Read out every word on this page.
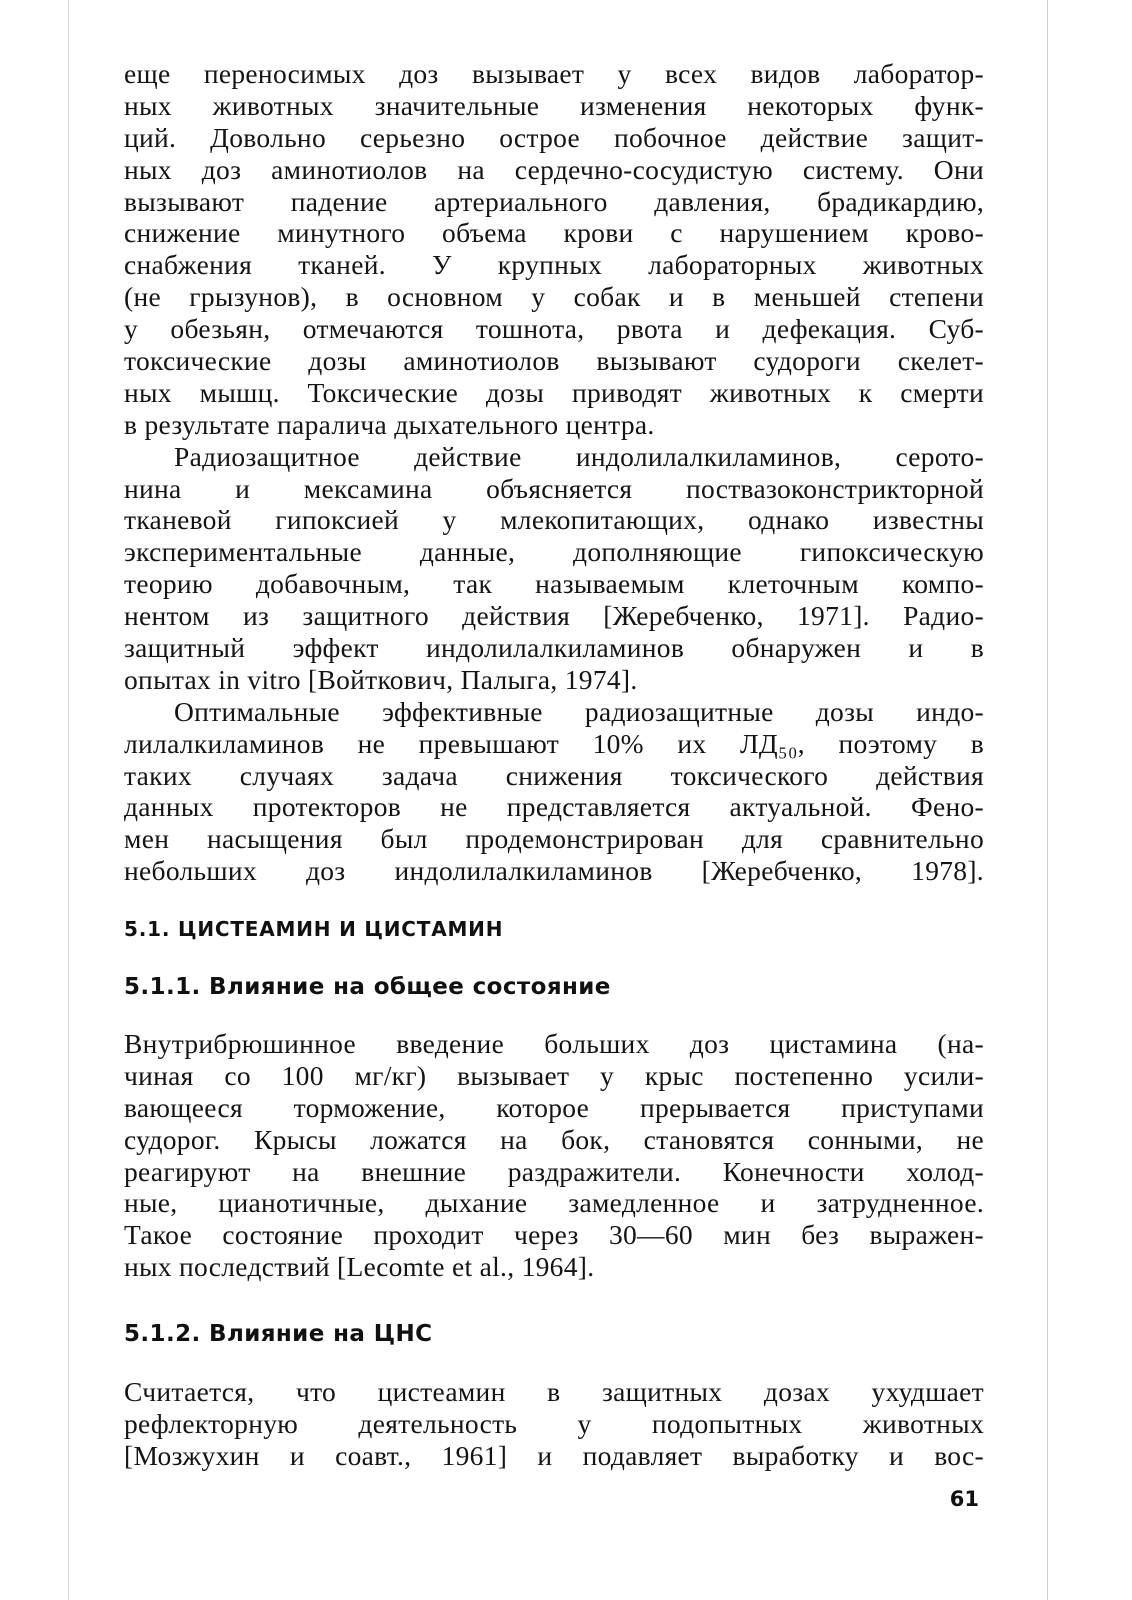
еще переносимых доз вызывает у всех видов лаборатор-
ных животных значительные изменения некоторых функ-
ций. Довольно серьезно острое побочное действие защит-
ных доз аминотиолов на сердечно-сосудистую систему. Они
вызывают падение артериального давления, брадикардию,
снижение минутного объема крови с нарушением крово-
снабжения тканей. У крупных лабораторных животных
(не грызунов), в основном у собак и в меньшей степени
у обезьян, отмечаются тошнота, рвота и дефекация. Суб-
токсические дозы аминотиолов вызывают судороги скелет-
ных мышц. Токсические дозы приводят животных к смерти
в результате паралича дыхательного центра.
Радиозащитное действие индолилалкиламинов, серото-
нина и мексамина объясняется поствазоконстрикторной
тканевой гипоксией у млекопитающих, однако известны
экспериментальные данные, дополняющие гипоксическую
теорию добавочным, так называемым клеточным компо-
нентом из защитного действия [Жеребченко, 1971]. Радио-
защитный эффект индолилалкиламинов обнаружен и в
опытах in vitro [Войткович, Палыга, 1974].
Оптимальные эффективные радиозащитные дозы индо-
лилалкиламинов не превышают 10% их ЛД₅₀, поэтому в
таких случаях задача снижения токсического действия
данных протекторов не представляется актуальной. Фено-
мен насыщения был продемонстрирован для сравнительно
небольших доз индолилалкиламинов [Жеребченко, 1978].
5.1. ЦИСТЕАМИН И ЦИСТАМИН
5.1.1. Влияние на общее состояние
Внутрибрюшинное введение больших доз цистамина (на-
чиная со 100 мг/кг) вызывает у крыс постепенно усили-
вающееся торможение, которое прерывается приступами
судорог. Крысы ложатся на бок, становятся сонными, не
реагируют на внешние раздражители. Конечности холод-
ные, цианотичные, дыхание замедленное и затрудненное.
Такое состояние проходит через 30—60 мин без выражен-
ных последствий [Lecomte et al., 1964].
5.1.2. Влияние на ЦНС
Считается, что цистеамин в защитных дозах ухудшает
рефлекторную деятельность у подопытных животных
[Мозжухин и соавт., 1961] и подавляет выработку и вос-
61
